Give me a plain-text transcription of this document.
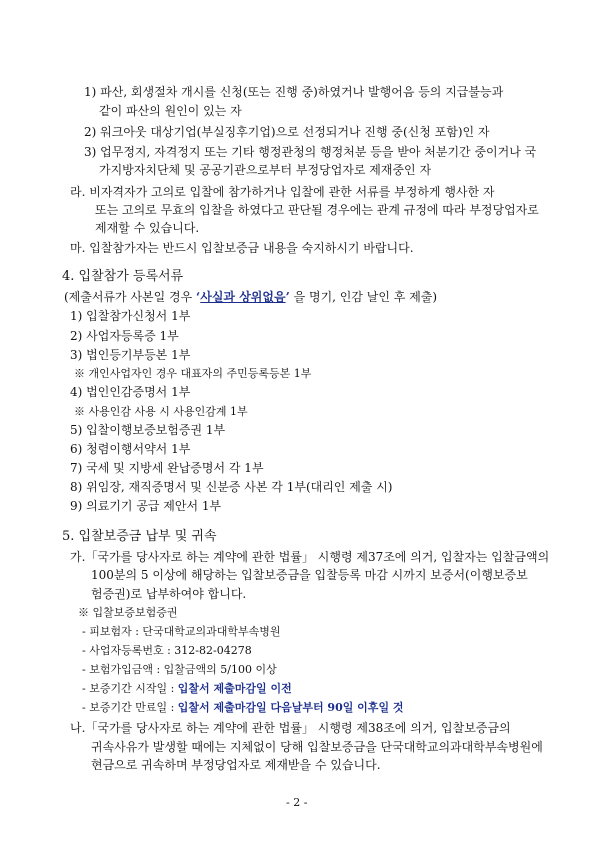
1) 파산, 회생절차 개시를 신청(또는 진행 중)하였거나 발행어음 등의 지급불능과
같이 파산의 원인이 있는 자
2) 워크아웃 대상기업(부실징후기업)으로 선정되거나 진행 중(신청 포함)인 자
3) 업무정지, 자격정지 또는 기타 행정관청의 행정처분 등을 받아 처분기간 중이거나 국
가지방자치단체 및 공공기관으로부터 부정당업자로 제재중인 자
라. 비자격자가 고의로 입찰에 참가하거나 입찰에 관한 서류를 부정하게 행사한 자
또는 고의로 무효의 입찰을 하였다고 판단될 경우에는 관계 규정에 따라 부정당업자로
제재할 수 있습니다.
마. 입찰참가자는 반드시 입찰보증금 내용을 숙지하시기 바랍니다.
4. 입찰참가 등록서류
(제출서류가 사본일 경우 ‘사실과 상위없음’ 을 명기, 인감 날인 후 제출)
1) 입찰참가신청서 1부
2) 사업자등록증 1부
3) 법인등기부등본 1부
※ 개인사업자인 경우 대표자의 주민등록등본 1부
4) 법인인감증명서 1부
※ 사용인감 사용 시 사용인감계 1부
5) 입찰이행보증보험증권 1부
6) 청렴이행서약서 1부
7) 국세 및 지방세 완납증명서 각 1부
8) 위임장, 재직증명서 및 신분증 사본 각 1부(대리인 제출 시)
9) 의료기기 공급 제안서 1부
5. 입찰보증금 납부 및 귀속
가.「국가를 당사자로 하는 계약에 관한 법률」 시행령 제37조에 의거, 입찰자는 입찰금액의
100분의 5 이상에 해당하는 입찰보증금을 입찰등록 마감 시까지 보증서(이행보증보
험증권)로 납부하여야 합니다.
※ 입찰보증보험증권
- 피보험자 : 단국대학교의과대학부속병원
- 사업자등록번호 : 312-82-04278
- 보험가입금액 : 입찰금액의 5/100 이상
- 보증기간 시작일 : 입찰서 제출마감일 이전
- 보증기간 만료일 : 입찰서 제출마감일 다음날부터 90일 이후일 것
나.「국가를 당사자로 하는 계약에 관한 법률」 시행령 제38조에 의거, 입찰보증금의
귀속사유가 발생할 때에는 지체없이 당해 입찰보증금을 단국대학교의과대학부속병원에
현금으로 귀속하며 부정당업자로 제재받을 수 있습니다.
- 2 -
